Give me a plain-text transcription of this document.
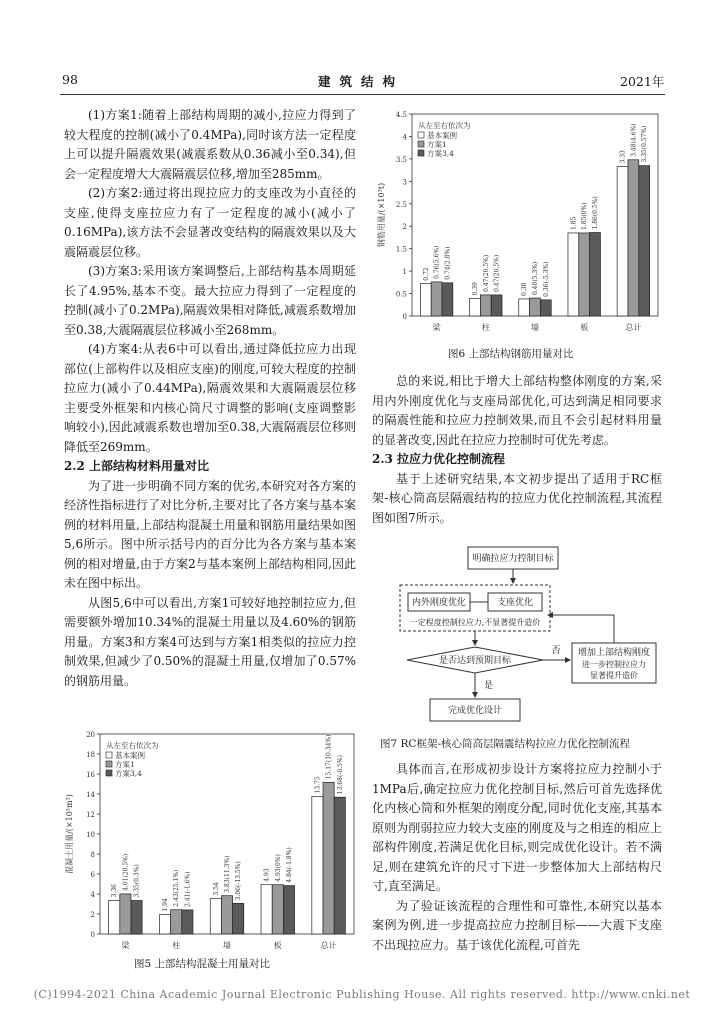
98	建筑结构	2021年

(1)方案1:随着上部结构周期的减小,拉应力得到了较大程度的控制(减小了0.4MPa),同时该方法一定程度上可以提升隔震效果(减震系数从0.36减小至0.34),但会一定程度增大大震隔震层位移,增加至285mm。

(2)方案2:通过将出现拉应力的支座改为小直径的支座,使得支座拉应力有了一定程度的减小(减小了0.16MPa),该方法不会显著改变结构的隔震效果以及大震隔震层位移。

(3)方案3:采用该方案调整后,上部结构基本周期延长了4.95%,基本不变。最大拉应力得到了一定程度的控制(减小了0.2MPa),隔震效果相对降低,减震系数增加至0.38,大震隔震层位移减小至268mm。

(4)方案4:从表6中可以看出,通过降低拉应力出现部位(上部构件以及相应支座)的刚度,可较大程度的控制拉应力(减小了0.44MPa),隔震效果和大震隔震层位移主要受外框架和内核心筒尺寸调整的影响(支座调整影响较小),因此减震系数也增加至0.38,大震隔震层位移则降低至269mm。

2.2 上部结构材料用量对比

为了进一步明确不同方案的优劣,本研究对各方案的经济性指标进行了对比分析,主要对比了各方案与基本案例的材料用量,上部结构混凝土用量和钢筋用量结果如图5,6所示。图中所示括号内的百分比为各方案与基本案例的相对增量,由于方案2与基本案例上部结构相同,因此未在图中标出。

从图5,6中可以看出,方案1可较好地控制拉应力,但需要额外增加10.34%的混凝土用量以及4.60%的钢筋用量。方案3和方案4可达到与方案1相类似的拉应力控制效果,但减少了0.50%的混凝土用量,仅增加了0.57%的钢筋用量。

0
0.5
1
1.5
2
2.5
3
3.5
4
4.5
钢筋用量/(×10³t)
梁
0.72 0.76(5.6%) 0.74(2.8%)
柱
0.39 0.47(20.5%) 0.47(20.5%)
墙
0.38 0.40(5.3%) 0.36(-5.3%)
板
1.85 1.85(0%) 1.86(0.5%)
总计
3.33
3.48(4.6%) 3.35(0.57%)
从左至右依次为
基本案例
方案1
方案3,4
图6 上部结构钢筋用量对比

总的来说,相比于增大上部结构整体刚度的方案,采用内外刚度优化与支座局部优化,可达到满足相同要求的隔震性能和拉应力控制效果,而且不会引起材料用量的显著改变,因此在拉应力控制时可优先考虑。

2.3 拉应力优化控制流程

基于上述研究结果,本文初步提出了适用于RC框架-核心筒高层隔震结构的拉应力优化控制流程,其流程图如图7所示。

明确拉应力控制目标
内外刚度优化	支座优化
一定程度控制拉应力,不显著提升造价
是否达到预期目标
否 增加上部结构刚度
进一步控制拉应力
显著提升造价
是
完成优化设计
图7 RC框架-核心筒高层隔震结构拉应力优化控制流程

具体而言,在形成初步设计方案将拉应力控制小于1MPa后,确定拉应力优化控制目标,然后可首先选择优化内核心筒和外框架的刚度分配,同时优化支座,其基本原则为削弱拉应力较大支座的刚度及与之相连的相应上部构件刚度,若满足优化目标,则完成优化设计。若不满足,则在建筑允许的尺寸下进一步整体加大上部结构尺寸,直至满足。

为了验证该流程的合理性和可靠性,本研究以基本案例为例,进一步提高拉应力控制目标——大震下支座不出现拉应力。基于该优化流程,可首先

0
2
4
6
8
10
12
14
16
18
20
混凝土用量/(×10³m³)
梁
3.36 4.01(20.5%) 3.35(0.3%)
柱
1.94 2.43(25.1%) 2.41(-1.6%)
墙
3.54 3.83(11.3%) 3.06(-13.5%)
板
4.93 4.93(0%) 4.84(-1.8%)
总计
13.75
15.17(10.34%) 13.68(-0.5%)
从左至右依次为
基本案例
方案1
方案3,4
图5 上部结构混凝土用量对比
(C)1994-2021 China Academic Journal Electronic Publishing House. All rights reserved. http://www.cnki.net
